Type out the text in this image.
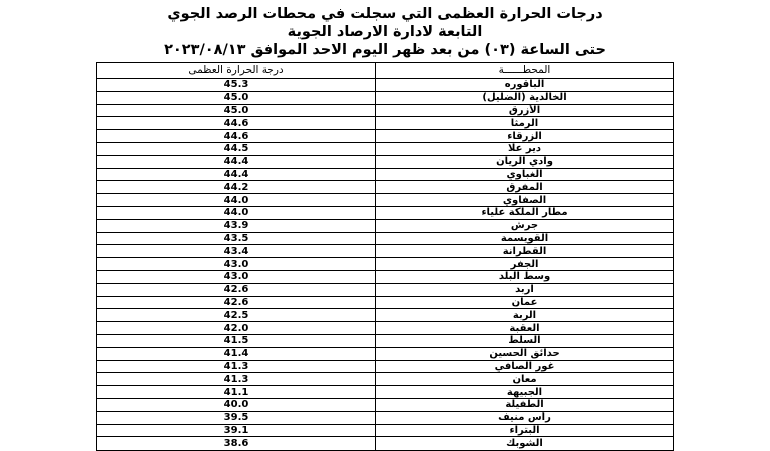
درجات الحرارة العظمى التي سجلت في محطات الرصد الجوي

التابعة لادارة الارصاد الجوية

حتى الساعة (٠٣) من بعد ظهر اليوم الاحد الموافق ٢٠٢٣/٠٨/١٣

درجة الحرارة العظمى	المحطــــــة
45.3	الباقوره
45.0	الخالدية (الضليل)
45.0	الأزرق
44.6	الرمثا
44.6	الزرقاء
44.5	دير علا
44.4	وادي الريان
44.4	الغباوي
44.2	المفرق
44.0	الصفاوي
44.0	مطار الملكة علياء
43.9	جرش
43.5	القويسمة
43.4	القطرانة
43.0	الجفر
43.0	وسط البلد
42.6	اربد
42.6	عمان
42.5	الربة
42.0	العقبة
41.5	السلط
41.4	حدائق الحسين
41.3	غور الصافي
41.3	معان
41.1	الجبيهة
40.0	الطفيلة
39.5	رأس منيف
39.1	البتراء
38.6	الشوبك
